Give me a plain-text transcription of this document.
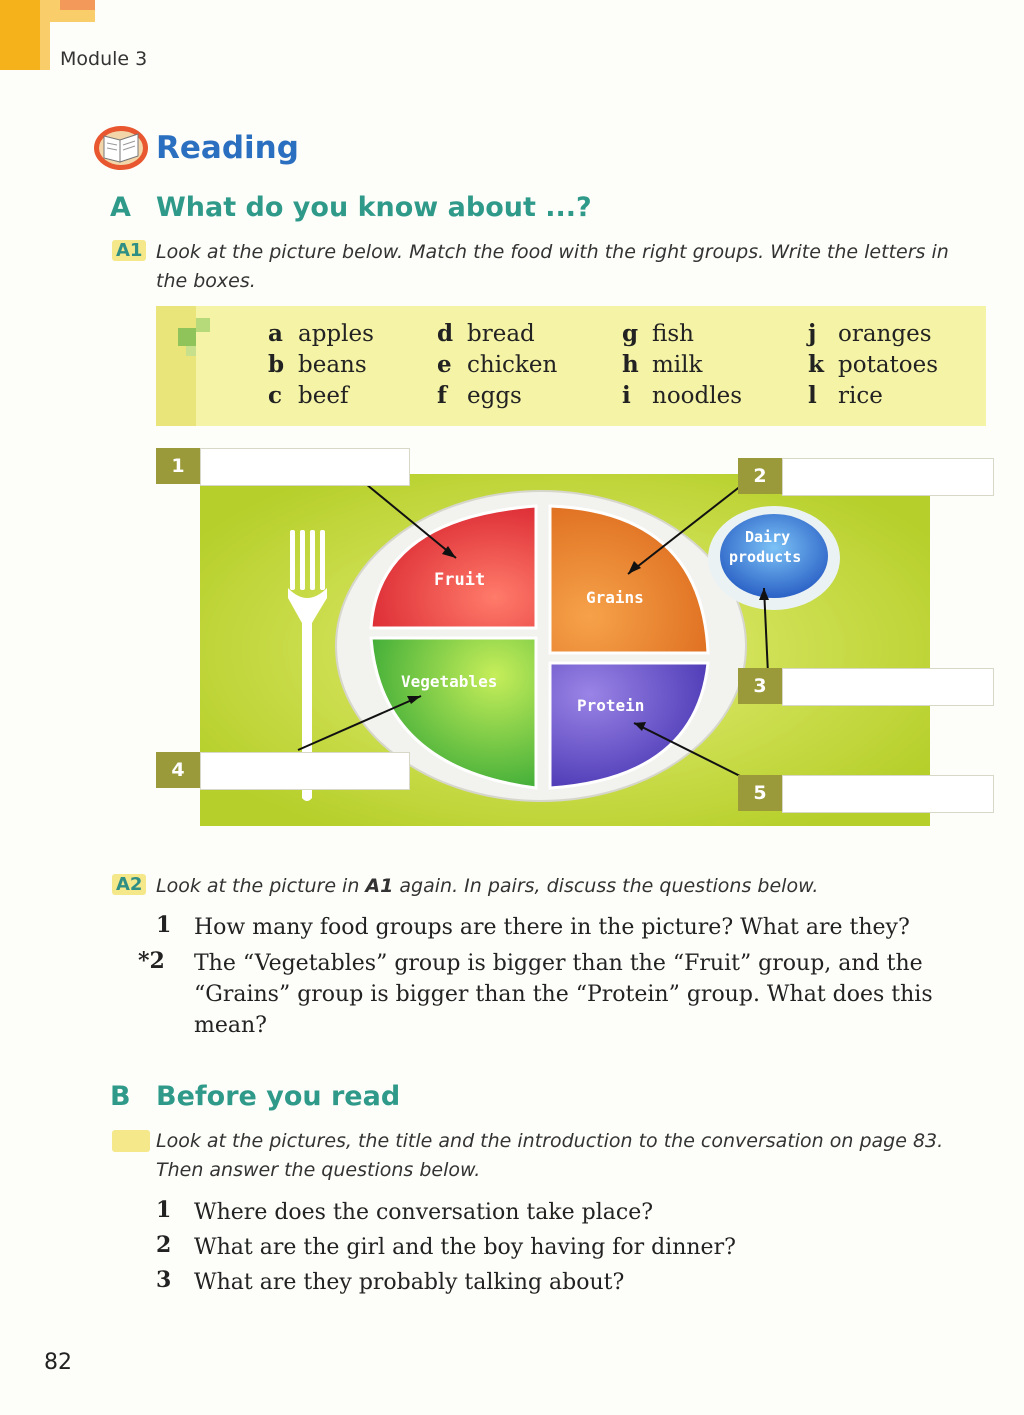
Module 3
Reading
A What do you know about ...?
A1 Look at the picture below. Match the food with the right groups. Write the letters in
the boxes.
a apples
b beans
c beef
d bread
e chicken
f eggs
g fish
h milk
i noodles
j oranges
k potatoes
l rice
Fruit
Grains
Vegetables
Protein
Dairy
products
1	2
3
4
5
A2 Look at the picture in A1 again. In pairs, discuss the questions below.
1 How many food groups are there in the picture? What are they?
*2 The “Vegetables” group is bigger than the “Fruit” group, and the
“Grains” group is bigger than the “Protein” group. What does this
mean?
B Before you read
Look at the pictures, the title and the introduction to the conversation on page 83.
Then answer the questions below.
1 Where does the conversation take place?
2 What are the girl and the boy having for dinner?
3 What are they probably talking about?
82
